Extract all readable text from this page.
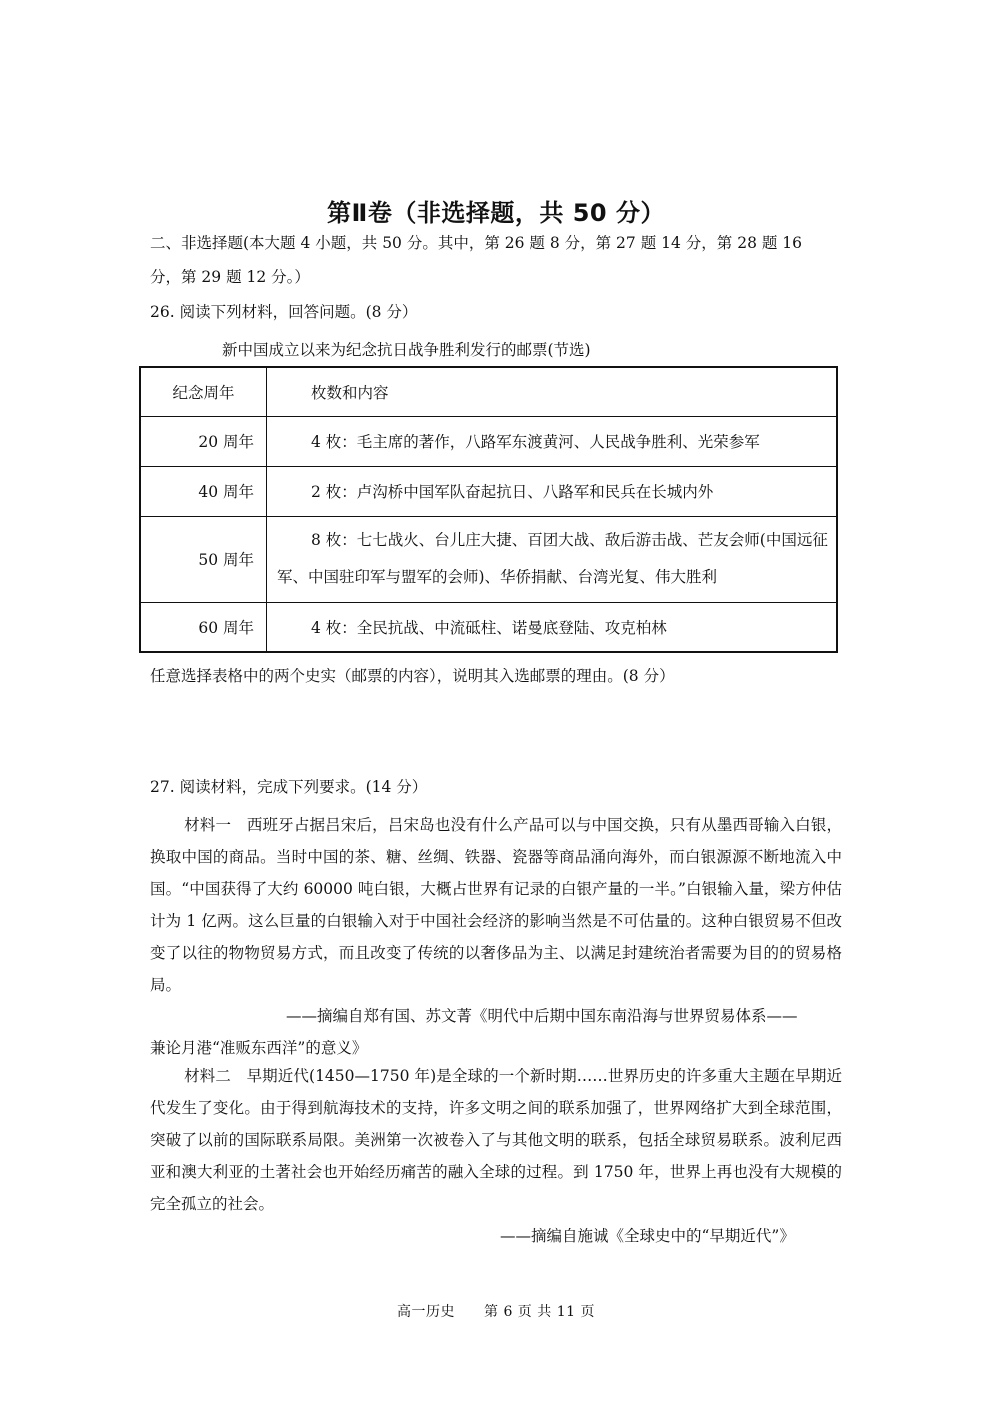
第Ⅱ卷（非选择题，共 50 分）
二、非选择题(本大题 4 小题，共 50 分。其中，第 26 题 8 分，第 27 题 14 分，第 28 题 16
分，第 29 题 12 分。）
26. 阅读下列材料，回答问题。(8 分）
新中国成立以来为纪念抗日战争胜利发行的邮票(节选)
纪念周年	枚数和内容
20 周年	4 枚：毛主席的著作，八路军东渡黄河、人民战争胜利、光荣参军
40 周年	2 枚：卢沟桥中国军队奋起抗日、八路军和民兵在长城内外
50 周年	8 枚：七七战火、台儿庄大捷、百团大战、敌后游击战、芒友会师(中国远征军、中国驻印军与盟军的会师)、华侨捐献、台湾光复、伟大胜利
60 周年	4 枚：全民抗战、中流砥柱、诺曼底登陆、攻克柏林
任意选择表格中的两个史实（邮票的内容），说明其入选邮票的理由。(8 分）
27. 阅读材料，完成下列要求。(14 分）
材料一　西班牙占据吕宋后，吕宋岛也没有什么产品可以与中国交换，只有从墨西哥输入白银，换取中国的商品。当时中国的茶、糖、丝绸、铁器、瓷器等商品涌向海外，而白银源源不断地流入中国。“中国获得了大约 60000 吨白银，大概占世界有记录的白银产量的一半。”白银输入量，梁方仲估计为 1 亿两。这么巨量的白银输入对于中国社会经济的影响当然是不可估量的。这种白银贸易不但改变了以往的物物贸易方式，而且改变了传统的以奢侈品为主、以满足封建统治者需要为目的的贸易格局。
——摘编自郑有国、苏文菁《明代中后期中国东南沿海与世界贸易体系——
兼论月港“准贩东西洋”的意义》
材料二　早期近代(1450—1750 年)是全球的一个新时期……世界历史的许多重大主题在早期近代发生了变化。由于得到航海技术的支持，许多文明之间的联系加强了，世界网络扩大到全球范围，突破了以前的国际联系局限。美洲第一次被卷入了与其他文明的联系，包括全球贸易联系。波利尼西亚和澳大利亚的土著社会也开始经历痛苦的融入全球的过程。到 1750 年，世界上再也没有大规模的完全孤立的社会。
——摘编自施诚《全球史中的“早期近代”》
高一历史　　第 6 页 共 11 页
